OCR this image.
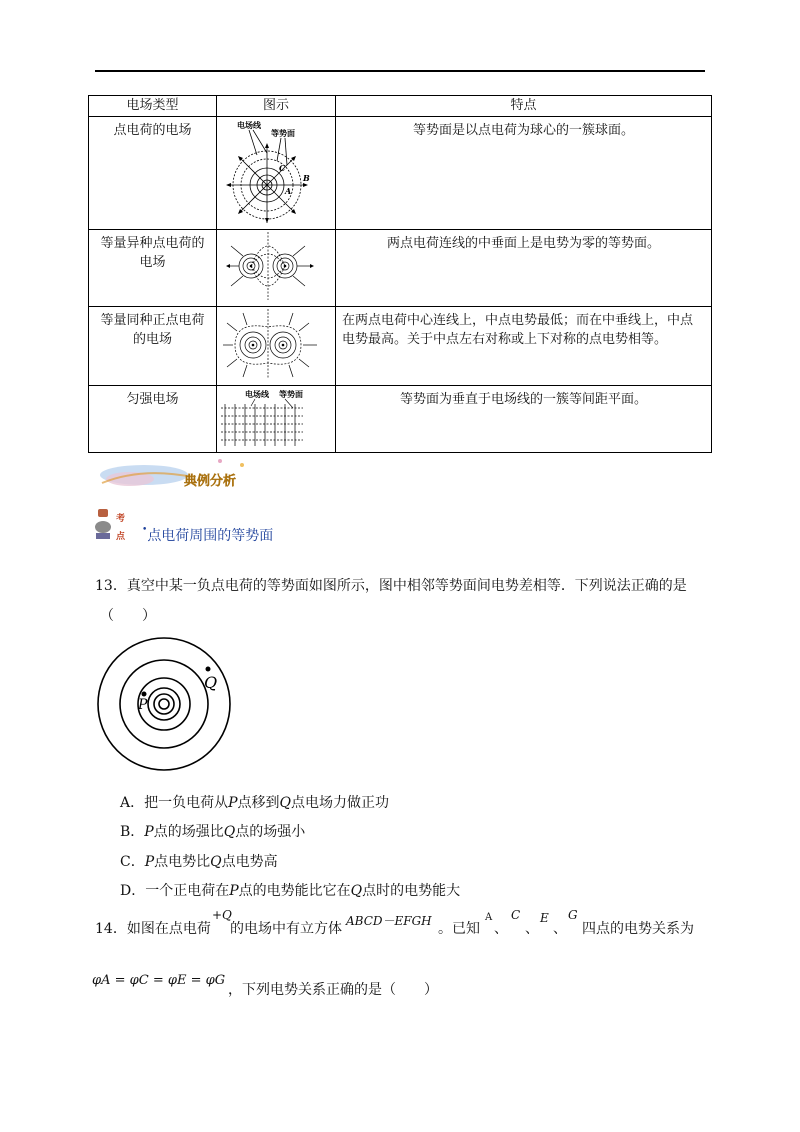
电场类型	图示	特点
点电荷的电场	电场线
等势面
C
B
A	等势面是以点电荷为球心的一簇球面。
等量异种点电荷的电场		两点电荷连线的中垂面上是电势为零的等势面。
等量同种正点电荷的电场		在两点电荷中心连线上，中点电势最低；而在中垂线上，中点电势最高。关于中点左右对称或上下对称的点电势相等。
匀强电场	电场线 等势面	等势面为垂直于电场线的一簇等间距平面。
典例分析
考
点
•点电荷周围的等势面
13．真空中某一负点电荷的等势面如图所示，图中相邻等势面间电势差相等．下列说法正确的是
（　　）
Q
P
A．把一负电荷从P点移到Q点电场力做正功
B．P点的场强比Q点的场强小
C．P点电势比Q点电势高
D．一个正电荷在P点的电势能比它在Q点时的电势能大
14．如图在点电荷
+Q
的电场中有立方体 ABCD－EFGH 。已知
A
、
C
、
E
、
G
四点的电势关系为
φA = φC = φE = φG
，下列电势关系正确的是（　　）
